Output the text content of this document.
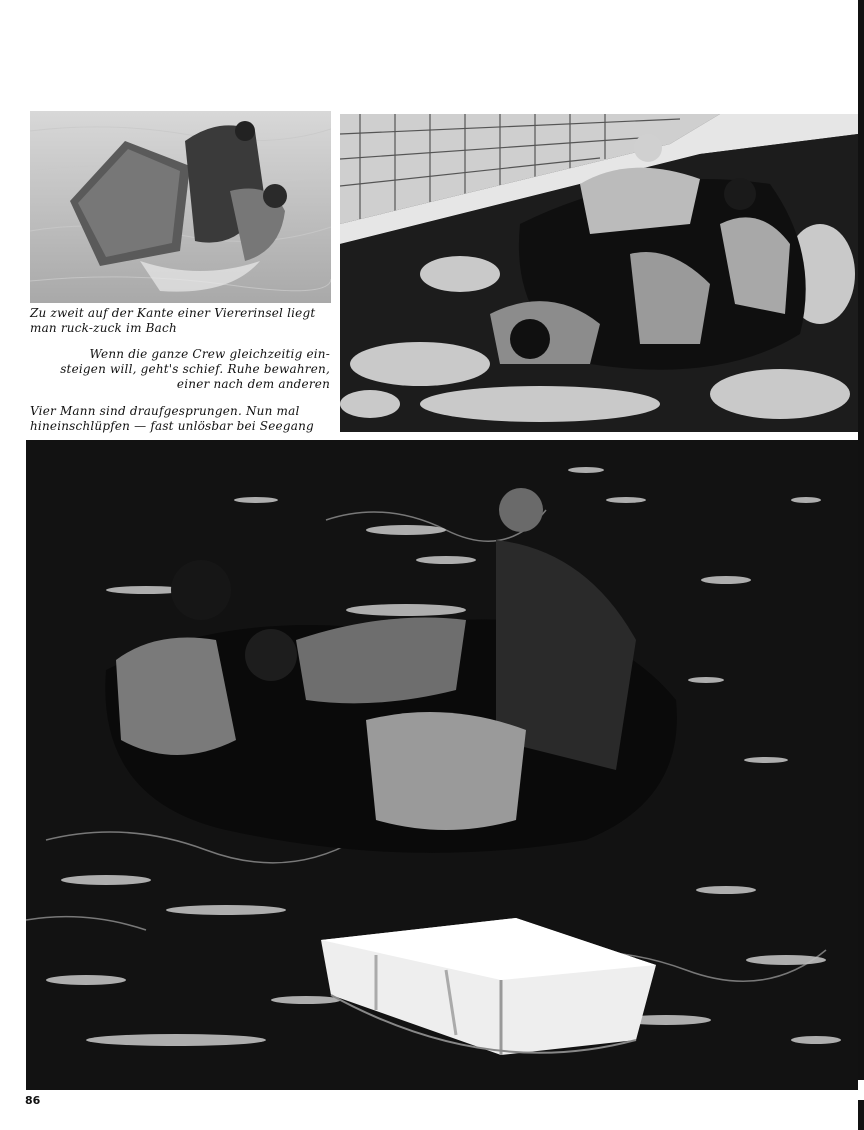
Zu zweit auf der Kante einer Viererinsel liegt
man ruck-zuck im Bach
Wenn die ganze Crew gleichzeitig ein-
steigen will, geht's schief. Ruhe bewahren,
einer nach dem anderen
Vier Mann sind draufgesprungen. Nun mal
hineinschlüpfen — fast unlösbar bei Seegang
86
